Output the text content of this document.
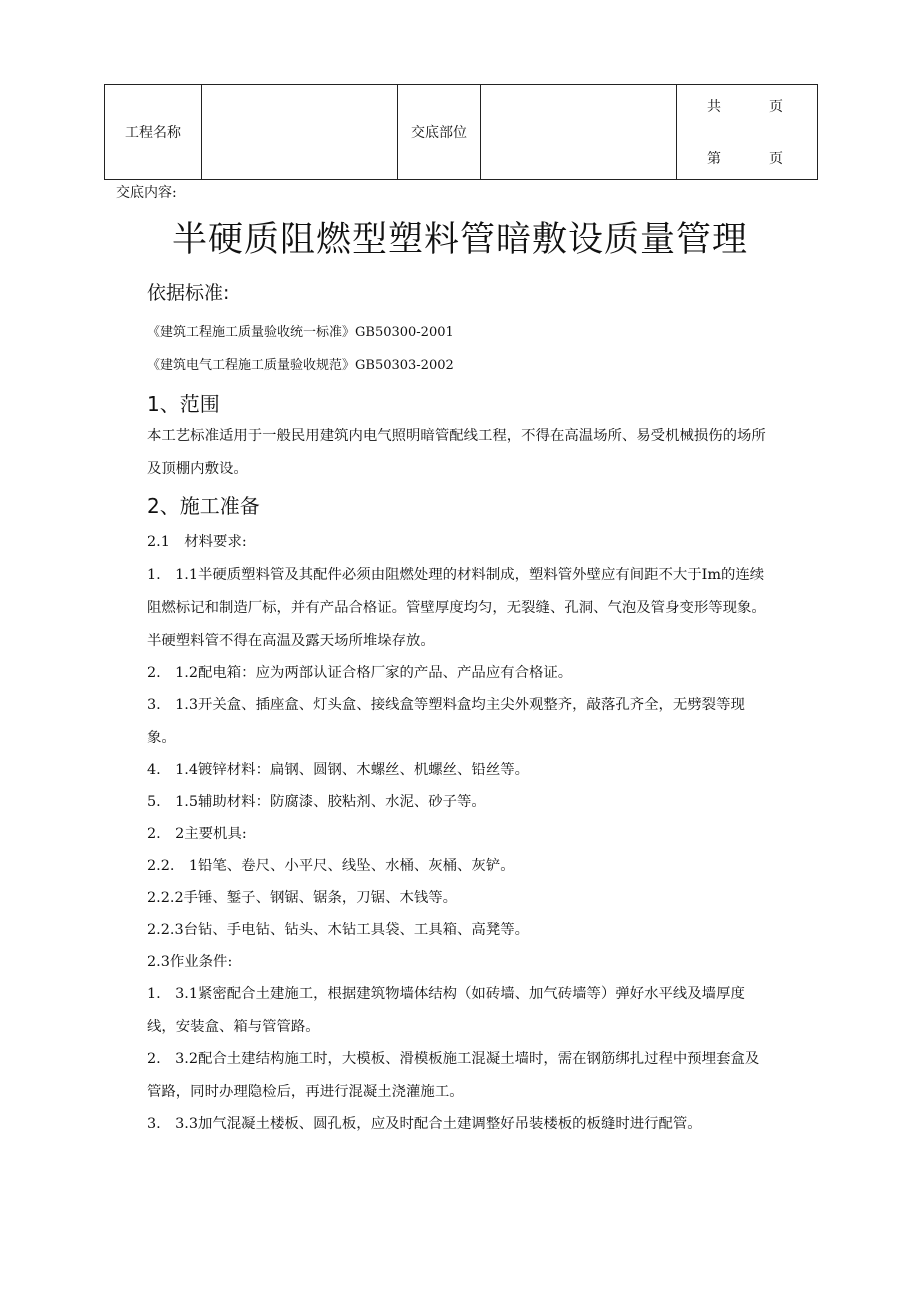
工程名称		交底部位		
共	页
第	页
交底内容:
半硬质阻燃型塑料管暗敷设质量管理
依据标准:
《建筑工程施工质量验收统一标准》GB50300-2001
《建筑电气工程施工质量验收规范》GB50303-2002
1、范围
本工艺标准适用于一般民用建筑内电气照明暗管配线工程，不得在高温场所、易受机械损伤的场所
及顶棚内敷设。
2、施工准备
2.1　材料要求:
1.　1.1半硬质塑料管及其配件必须由阻燃处理的材料制成，塑料管外壁应有间距不大于Im的连续
阻燃标记和制造厂标，并有产品合格证。管壁厚度均匀，无裂缝、孔洞、气泡及管身变形等现象。
半硬塑料管不得在高温及露天场所堆垛存放。
2.　1.2配电箱：应为两部认证合格厂家的产品、产品应有合格证。
3.　1.3开关盒、插座盒、灯头盒、接线盒等塑料盒均主尖外观整齐，敲落孔齐全，无劈裂等现
象。
4.　1.4镀锌材料：扁钢、圆钢、木螺丝、机螺丝、铅丝等。
5.　1.5辅助材料：防腐漆、胶粘剂、水泥、砂子等。
2.　2主要机具:
2.2.　1铅笔、卷尺、小平尺、线坠、水桶、灰桶、灰铲。
2.2.2手锤、錾子、钢锯、锯条，刀锯、木钱等。
2.2.3台钻、手电钻、钻头、木钻工具袋、工具箱、高凳等。
2.3作业条件:
1.　3.1紧密配合土建施工，根据建筑物墙体结构（如砖墙、加气砖墙等）弹好水平线及墙厚度
线，安装盒、箱与管管路。
2.　3.2配合土建结构施工时，大模板、滑模板施工混凝土墙时，需在钢筋绑扎过程中预埋套盒及
管路，同时办理隐检后，再进行混凝土浇灌施工。
3.　3.3加气混凝土楼板、圆孔板，应及时配合土建调整好吊装楼板的板缝时进行配管。
